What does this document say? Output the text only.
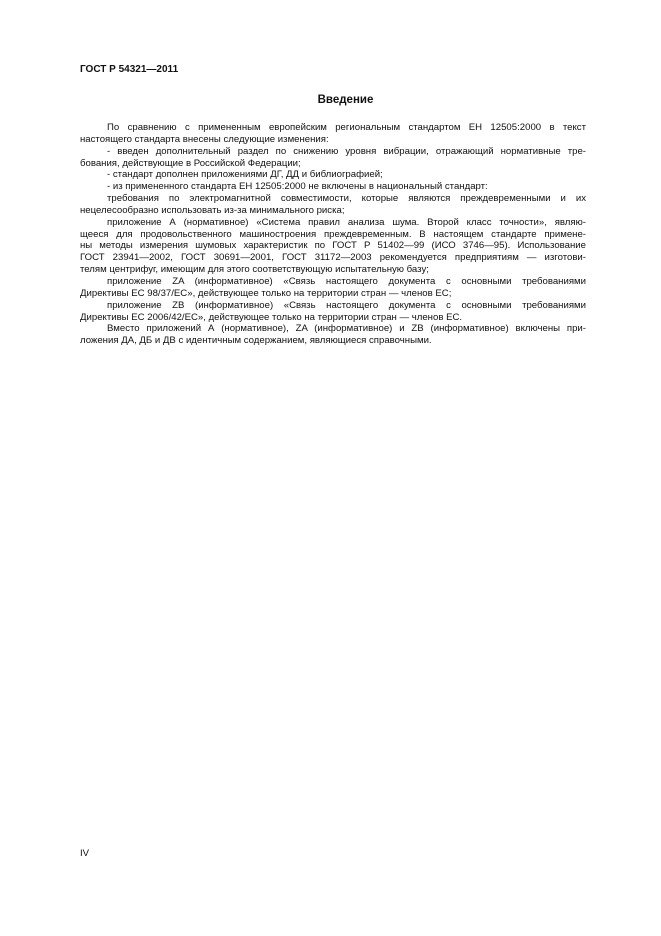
ГОСТ Р 54321—2011
Введение
По сравнению с примененным европейским региональным стандартом ЕН 12505:2000 в текст
настоящего стандарта внесены следующие изменения:
- введен дополнительный раздел по снижению уровня вибрации, отражающий нормативные тре-
бования, действующие в Российской Федерации;
- стандарт дополнен приложениями ДГ, ДД и библиографией;
- из примененного стандарта ЕН 12505:2000 не включены в национальный стандарт:
требования по электромагнитной совместимости, которые являются преждевременными и их
нецелесообразно использовать из-за минимального риска;
приложение А (нормативное) «Система правил анализа шума. Второй класс точности», являю-
щееся для продовольственного машиностроения преждевременным. В настоящем стандарте примене-
ны методы измерения шумовых характеристик по ГОСТ Р 51402—99 (ИСО 3746—95). Использование
ГОСТ 23941—2002, ГОСТ 30691—2001, ГОСТ 31172—2003 рекомендуется предприятиям — изготови-
телям центрифуг, имеющим для этого соответствующую испытательную базу;
приложение ZA (информативное) «Связь настоящего документа с основными требованиями
Директивы ЕС 98/37/ЕС», действующее только на территории стран — членов ЕС;
приложение ZB (информативное) «Связь настоящего документа с основными требованиями
Директивы ЕС 2006/42/ЕС», действующее только на территории стран — членов ЕС.
Вместо приложений А (нормативное), ZA (информативное) и ZB (информативное) включены при-
ложения ДА, ДБ и ДВ с идентичным содержанием, являющиеся справочными.
IV
